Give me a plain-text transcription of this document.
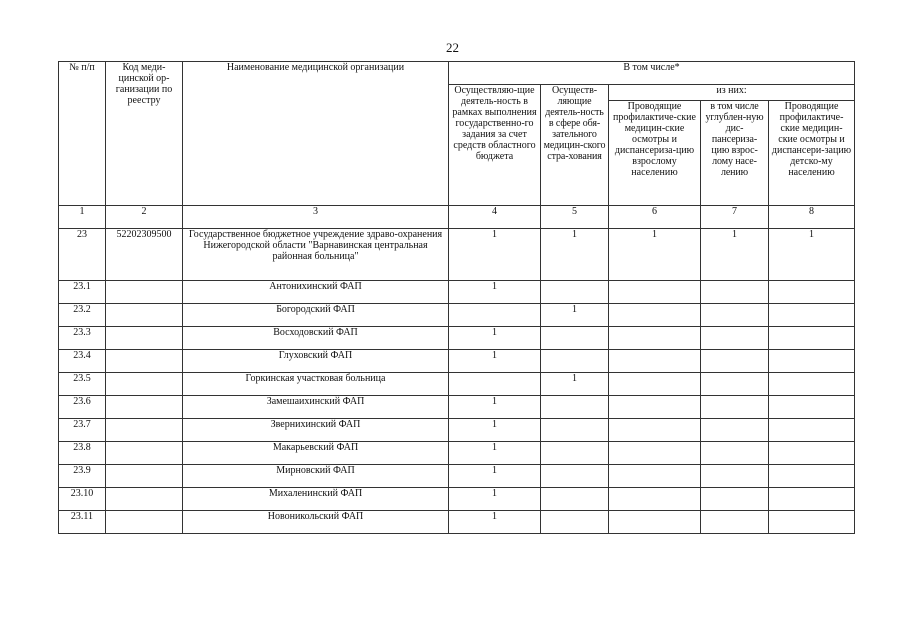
22
№ п/п	Код меди-цинской ор-ганизации по реестру	Наименование медицинской организации	В том числе*				
			Осуществляю-щие деятель-ность в рамках выполнения государственно-го задания за счет средств областного бюджета	Осуществ-ляющие деятель-ность в сфере обя-зательного медицин-ского стра-хования	из них:		
					Проводящие профилактиче-ские медицин-ские осмотры и диспансериза-цию взрослому населению	в том числе углублен-ную дис-пансериза-цию взрос-лому насе-лению	Проводящие профилактиче-ские медицин-ские осмотры и диспансери-зацию детско-му населению
1	2	3	4	5	6	7	8
23	52202309500	Государственное бюджетное учреждение здраво-охранения Нижегородской области "Варнавинская центральная районная больница"	1	1	1	1	1
23.1		Антонихинский ФАП	1				
23.2		Богородский ФАП		1			
23.3		Восходовский ФАП	1				
23.4		Глуховский ФАП	1				
23.5		Горкинская участковая больница		1			
23.6		Замешаихинский ФАП	1				
23.7		Звернихинский ФАП	1				
23.8		Макарьевский ФАП	1				
23.9		Мирновский ФАП	1				
23.10		Михаленинский ФАП	1				
23.11		Новоникольский ФАП	1				
